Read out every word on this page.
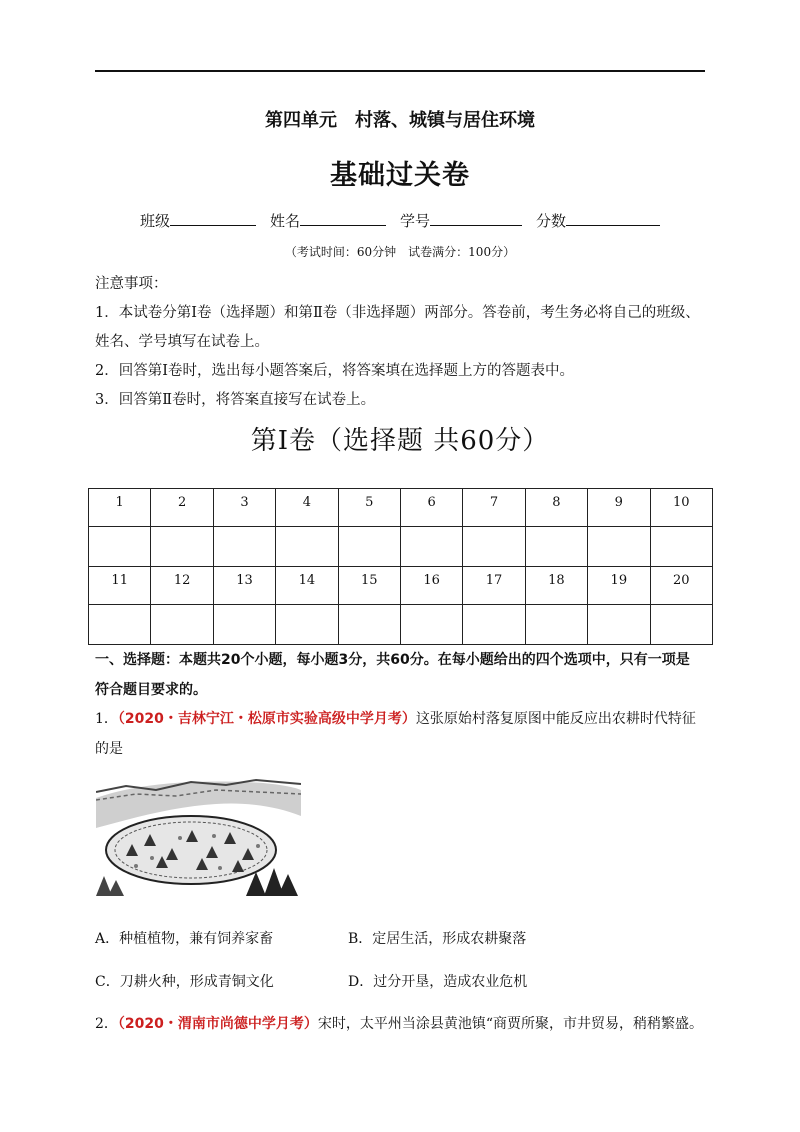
第四单元　村落、城镇与居住环境
基础过关卷
班级	姓名	学号	分数
（考试时间：60分钟　试卷满分：100分）

注意事项：

1．本试卷分第Ⅰ卷（选择题）和第Ⅱ卷（非选择题）两部分。答卷前，考生务必将自己的班级、

姓名、学号填写在试卷上。

2．回答第Ⅰ卷时，选出每小题答案后，将答案填在选择题上方的答题表中。

3．回答第Ⅱ卷时，将答案直接写在试卷上。

第Ⅰ卷（选择题 共60分）
1	2	3	4	5	6	7	8	9	10

11	12	13	14	15	16	17	18	19	20

一、选择题：本题共20个小题，每小题3分，共60分。在每小题给出的四个选项中，只有一项是
符合题目要求的。
1．（2020・吉林宁江・松原市实验高级中学月考）这张原始村落复原图中能反应出农耕时代特征
的是
A．种植植物，兼有饲养家畜	B．定居生活，形成农耕聚落
C．刀耕火种，形成青铜文化	D．过分开垦，造成农业危机
2．（2020・渭南市尚德中学月考）宋时，太平州当涂县黄池镇“商贾所聚，市井贸易，稍稍繁盛。
